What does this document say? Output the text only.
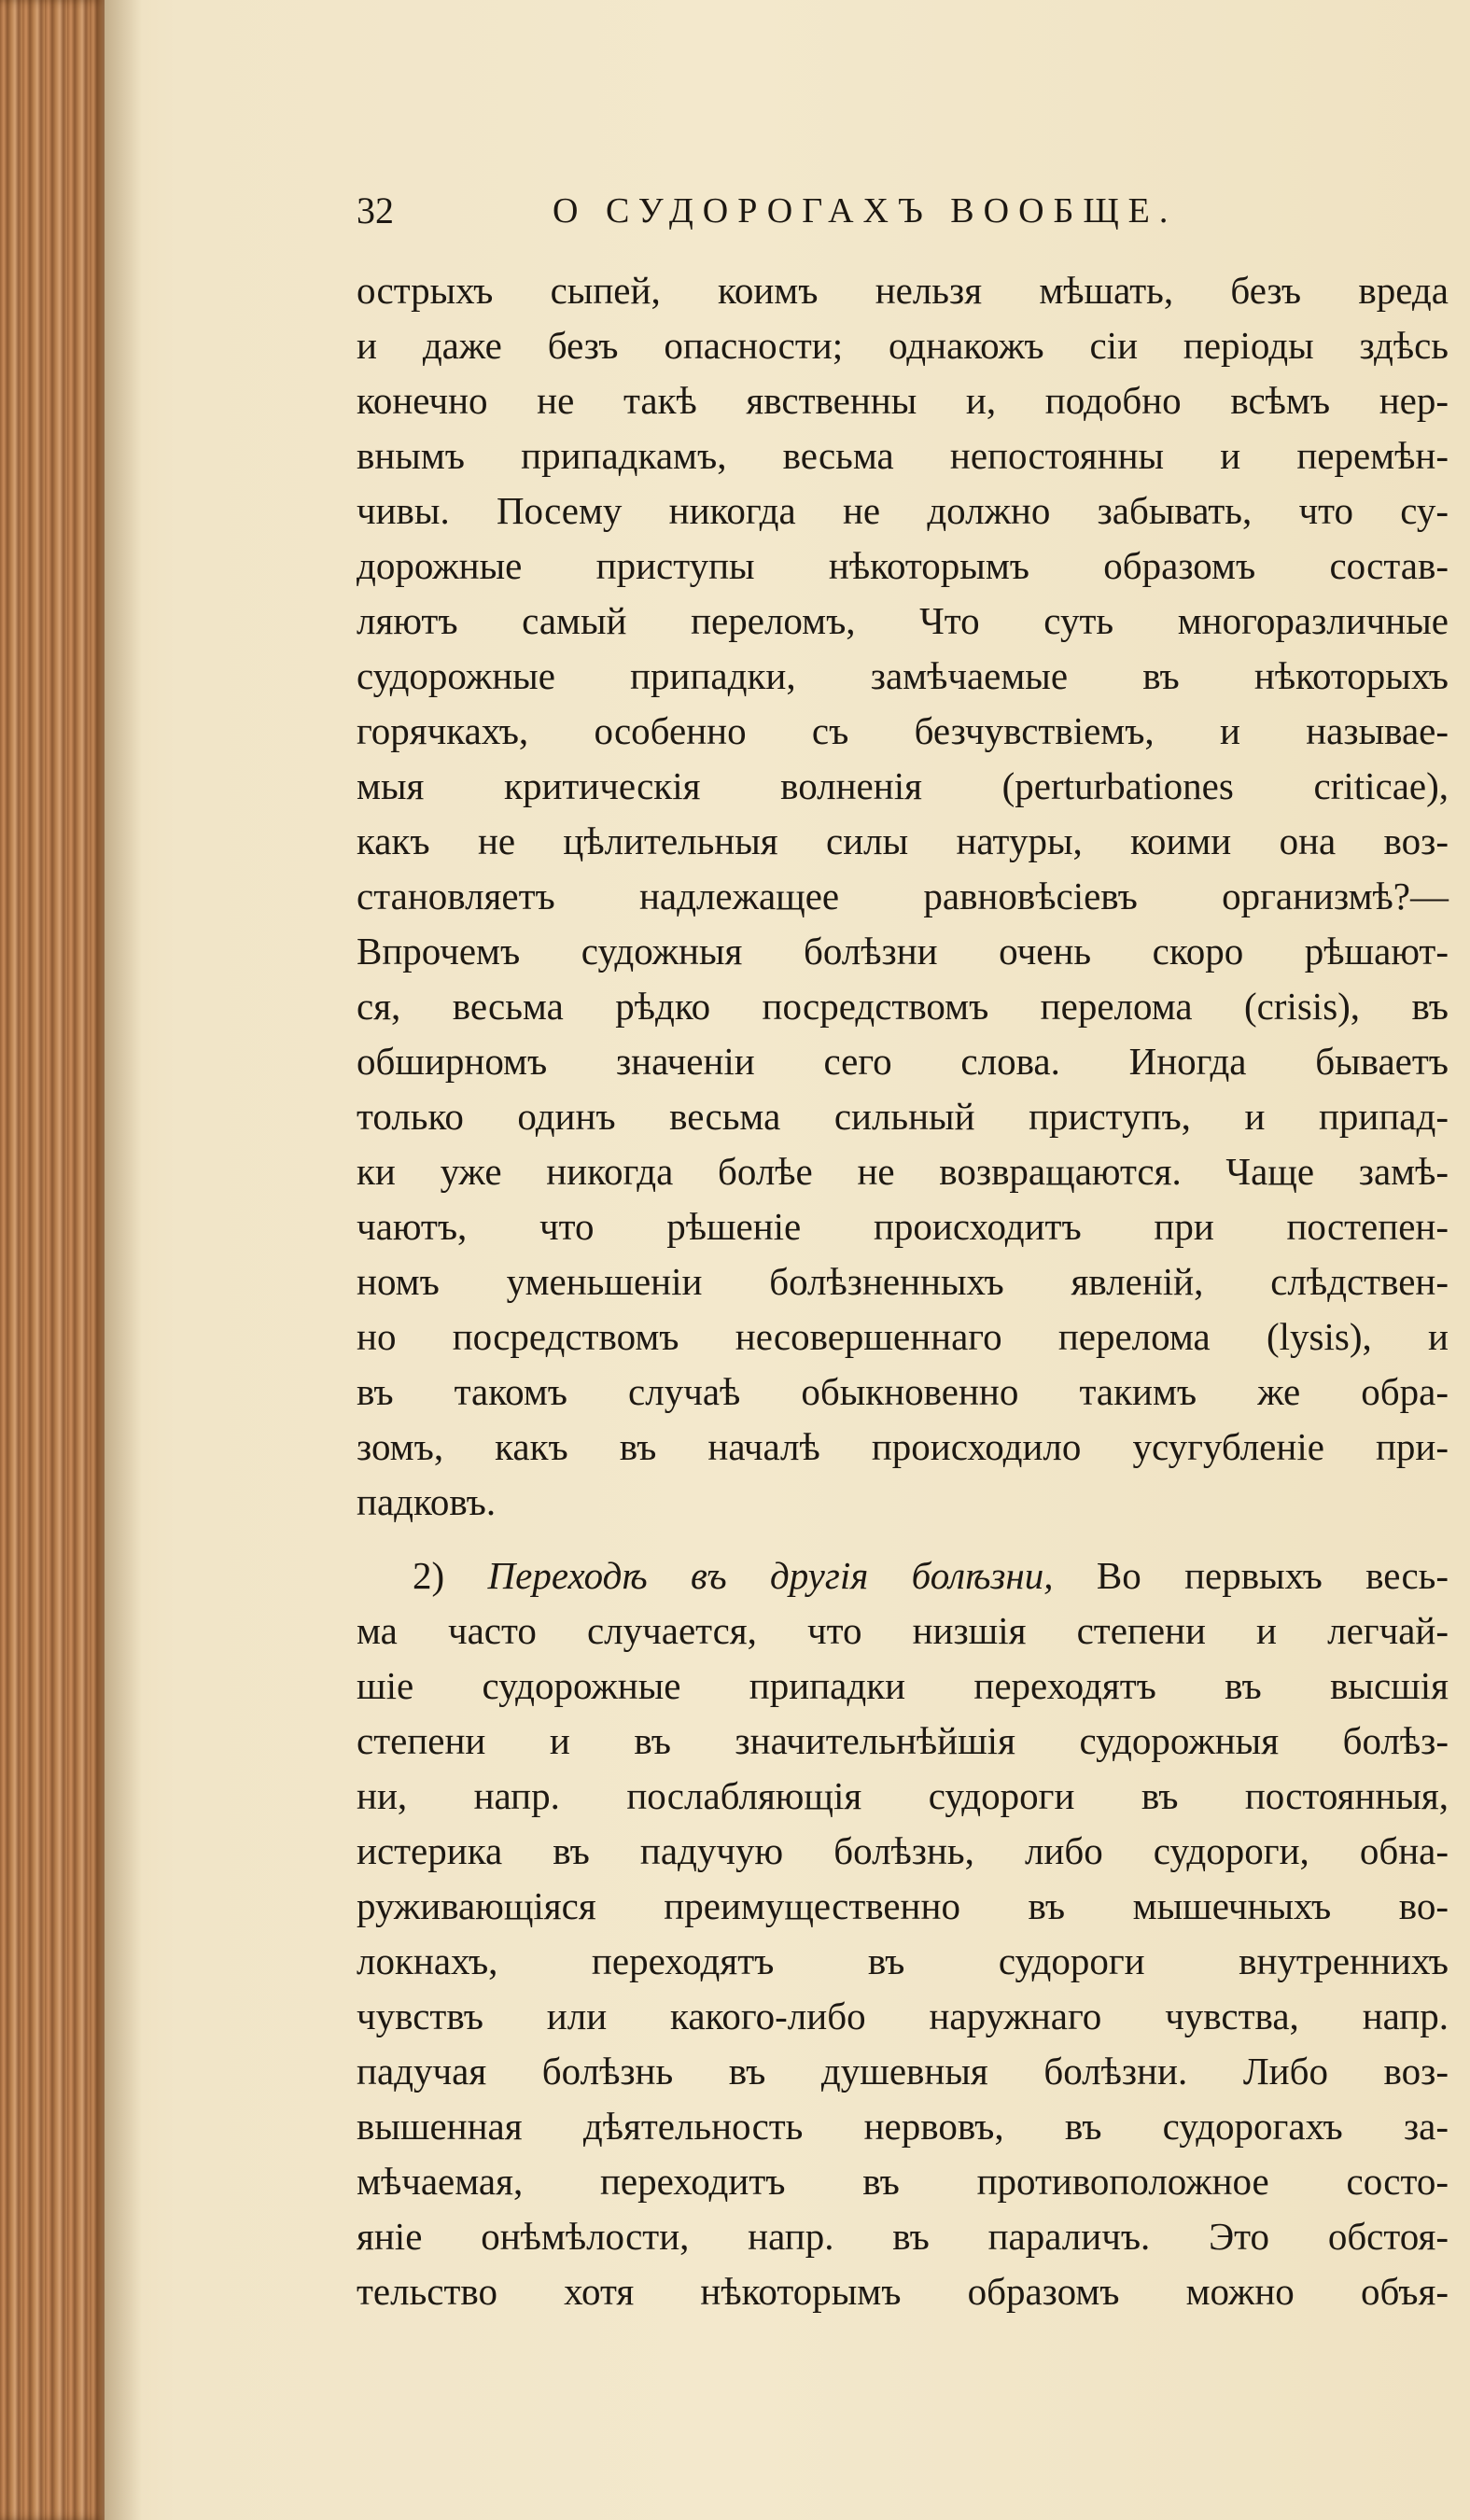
32	О СУДОРОГАХЪ ВООБЩЕ.
острыхъ сыпей, коимъ нельзя мѣшать, безъ вреда
и даже безъ опасности; однакожъ сіи періоды здѣсь
конечно не такѣ явственны и, подобно всѣмъ нер-
внымъ припадкамъ, весьма непостоянны и перемѣн-
чивы. Посему никогда не должно забывать, что су-
дорожные приступы нѣкоторымъ образомъ состав-
ляютъ самый переломъ, Что суть многоразличные
судорожные припадки, замѣчаемые въ нѣкоторыхъ
горячкахъ, особенно съ безчувствіемъ, и называе-
мыя критическія волненія (perturbationes criticae),
какъ не цѣлительныя силы натуры, коими она воз-
становляетъ надлежащее равновѣсіевъ организмѣ?—
Впрочемъ судожныя болѣзни очень скоро рѣшают-
ся, весьма рѣдко посредствомъ перелома (crisis), въ
обширномъ значеніи сего слова. Иногда бываетъ
только одинъ весьма сильный приступъ, и припад-
ки уже никогда болѣе не возвращаются. Чаще замѣ-
чаютъ, что рѣшеніе происходитъ при постепен-
номъ уменьшеніи болѣзненныхъ явленій, слѣдствен-
но посредствомъ несовершеннаго перелома (lysis), и
въ такомъ случаѣ обыкновенно такимъ же обра-
зомъ, какъ въ началѣ происходило усугубленіе при-
падковъ.
2) Переходѣ въ другія болѣзни, Во первыхъ весь-
ма часто случается, что низшія степени и легчай-
шіе судорожные припадки переходятъ въ высшія
степени и въ значительнѣйшія судорожныя болѣз-
ни, напр. послабляющія судороги въ постоянныя,
истерика въ падучую болѣзнь, либо судороги, обна-
руживающіяся преимущественно въ мышечныхъ во-
локнахъ, переходятъ въ судороги внутреннихъ
чувствъ или какого-либо наружнаго чувства, напр.
падучая болѣзнь въ душевныя болѣзни. Либо воз-
вышенная дѣятельность нервовъ, въ судорогахъ за-
мѣчаемая, переходитъ въ противоположное состо-
яніе онѣмѣлости, напр. въ параличъ. Это обстоя-
тельство хотя нѣкоторымъ образомъ можно объя-
